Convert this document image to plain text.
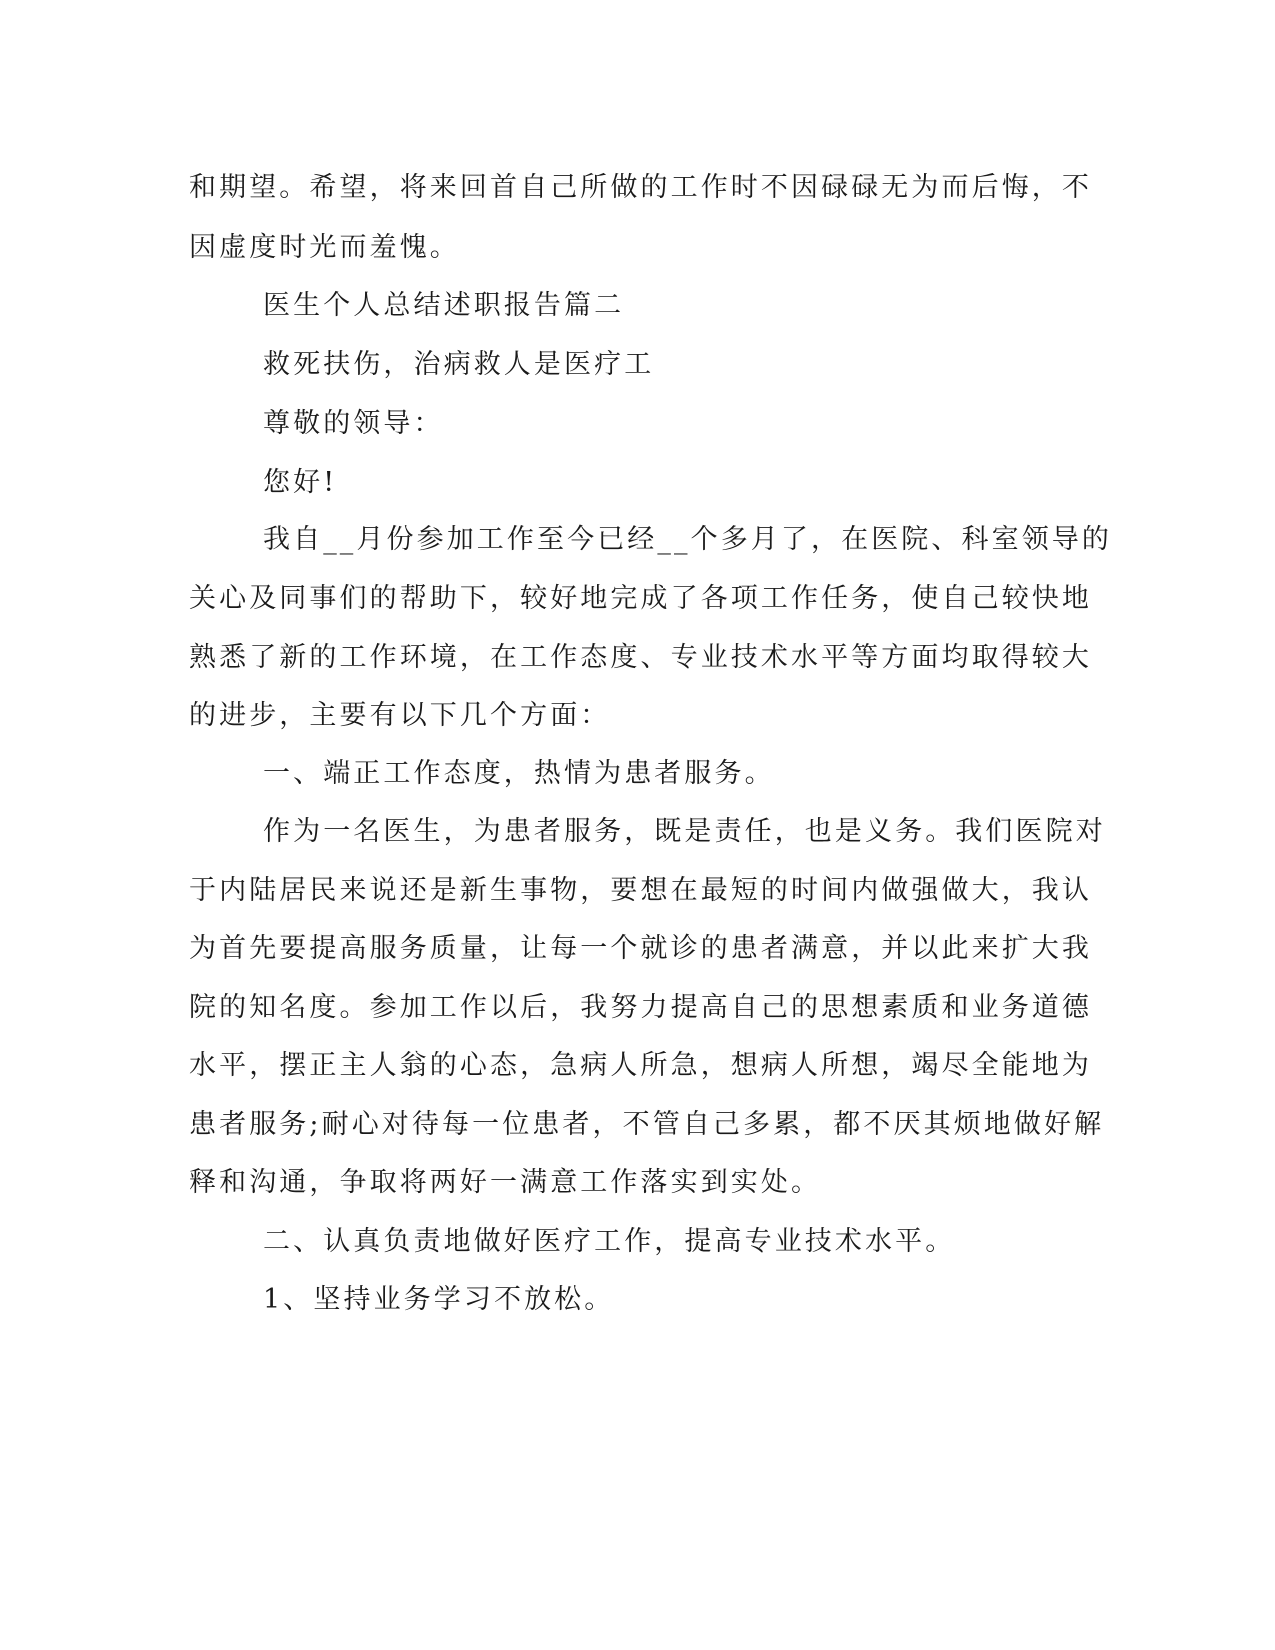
和期望。希望，将来回首自己所做的工作时不因碌碌无为而后悔，不
因虚度时光而羞愧。
医生个人总结述职报告篇二
救死扶伤，治病救人是医疗工
尊敬的领导：
您好!
我自__月份参加工作至今已经__个多月了，在医院、科室领导的
关心及同事们的帮助下，较好地完成了各项工作任务，使自己较快地
熟悉了新的工作环境，在工作态度、专业技术水平等方面均取得较大
的进步，主要有以下几个方面：
一、端正工作态度，热情为患者服务。
作为一名医生，为患者服务，既是责任，也是义务。我们医院对
于内陆居民来说还是新生事物，要想在最短的时间内做强做大，我认
为首先要提高服务质量，让每一个就诊的患者满意，并以此来扩大我
院的知名度。参加工作以后，我努力提高自己的思想素质和业务道德
水平，摆正主人翁的心态，急病人所急，想病人所想，竭尽全能地为
患者服务;耐心对待每一位患者，不管自己多累，都不厌其烦地做好解
释和沟通，争取将两好一满意工作落实到实处。
二、认真负责地做好医疗工作，提高专业技术水平。
1、坚持业务学习不放松。
